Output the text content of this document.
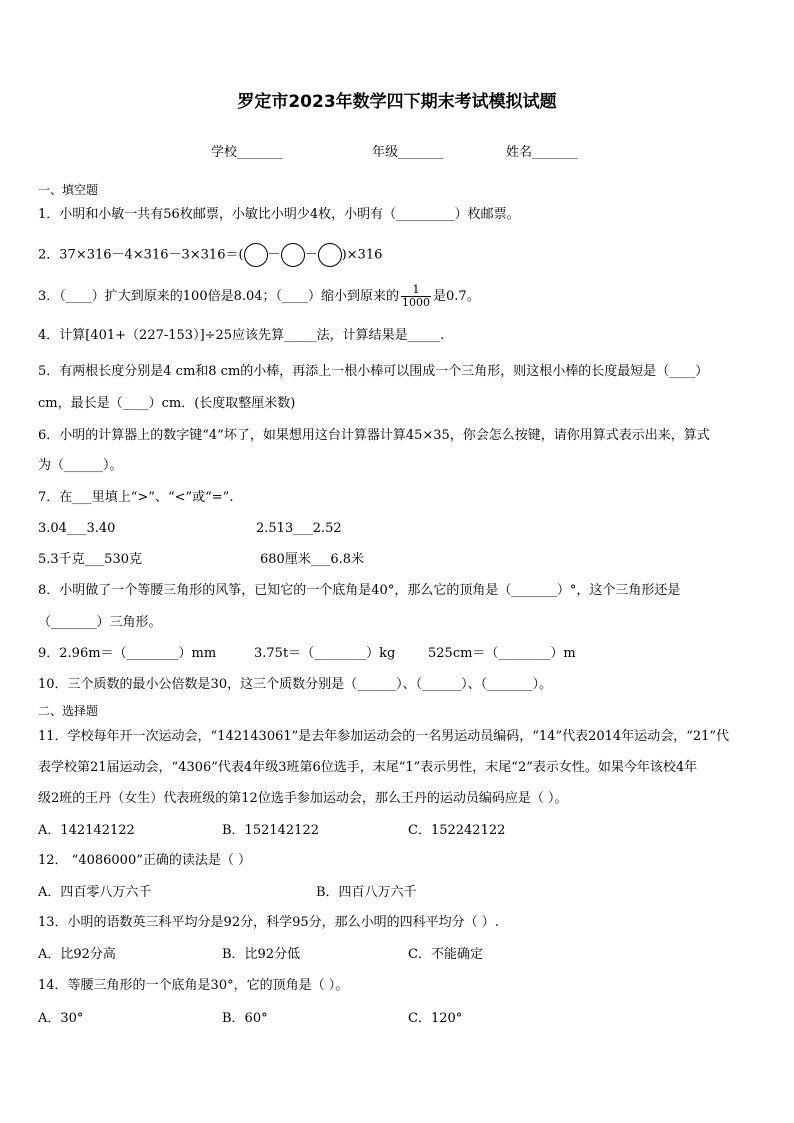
罗定市2023年数学四下期末考试模拟试题
学校_______	年级_______	姓名_______
一、填空题
1．小明和小敏一共有56枚邮票，小敏比小明少4枚，小明有（_________）枚邮票。
2．37×316－4×316－3×316＝( － － )×316
3．（____）扩大到原来的100倍是8.04；（____）缩小到原来的 $\frac{1}{1000}$ 是0.7。
4．计算[401+（227-153）]÷25应该先算_____法，计算结果是_____.
5．有两根长度分别是4 cm和8 cm的小棒，再添上一根小棒可以围成一个三角形，则这根小棒的长度最短是（____）
cm，最长是（____）cm．(长度取整厘米数)
6．小明的计算器上的数字键“4”坏了，如果想用这台计算器计算45×35，你会怎么按键，请你用算式表示出来，算式
为（______）。
7．在___里填上“>”、“<”或“=”.
3.04___3.40	2.513___2.52
5.3千克___530克	680厘米___6.8米
8．小明做了一个等腰三角形的风筝，已知它的一个底角是40°，那么它的顶角是（_______）°，这个三角形还是
（_______）三角形。
9．2.96m＝（________）mm	3.75t＝（________）kg	525cm＝（________）m
10．三个质数的最小公倍数是30，这三个质数分别是（______）、（______）、（_______）。
二、选择题
11．学校每年开一次运动会，“142143061”是去年参加运动会的一名男运动员编码，“14”代表2014年运动会，“21”代
表学校第21届运动会，“4306”代表4年级3班第6位选手，末尾“1”表示男性，末尾“2”表示女性。如果今年该校4年
级2班的王丹（女生）代表班级的第12位选手参加运动会，那么王丹的运动员编码应是（ ）。
A．142142122	B．152142122	C．152242122
12． “4086000”正确的读法是（ ）
A．四百零八万六千	B．四百八万六千
13．小明的语数英三科平均分是92分，科学95分，那么小明的四科平均分（ ）.
A．比92分高	B．比92分低	C．不能确定
14．等腰三角形的一个底角是30°，它的顶角是（ ）。
A．30°	B．60°	C．120°
